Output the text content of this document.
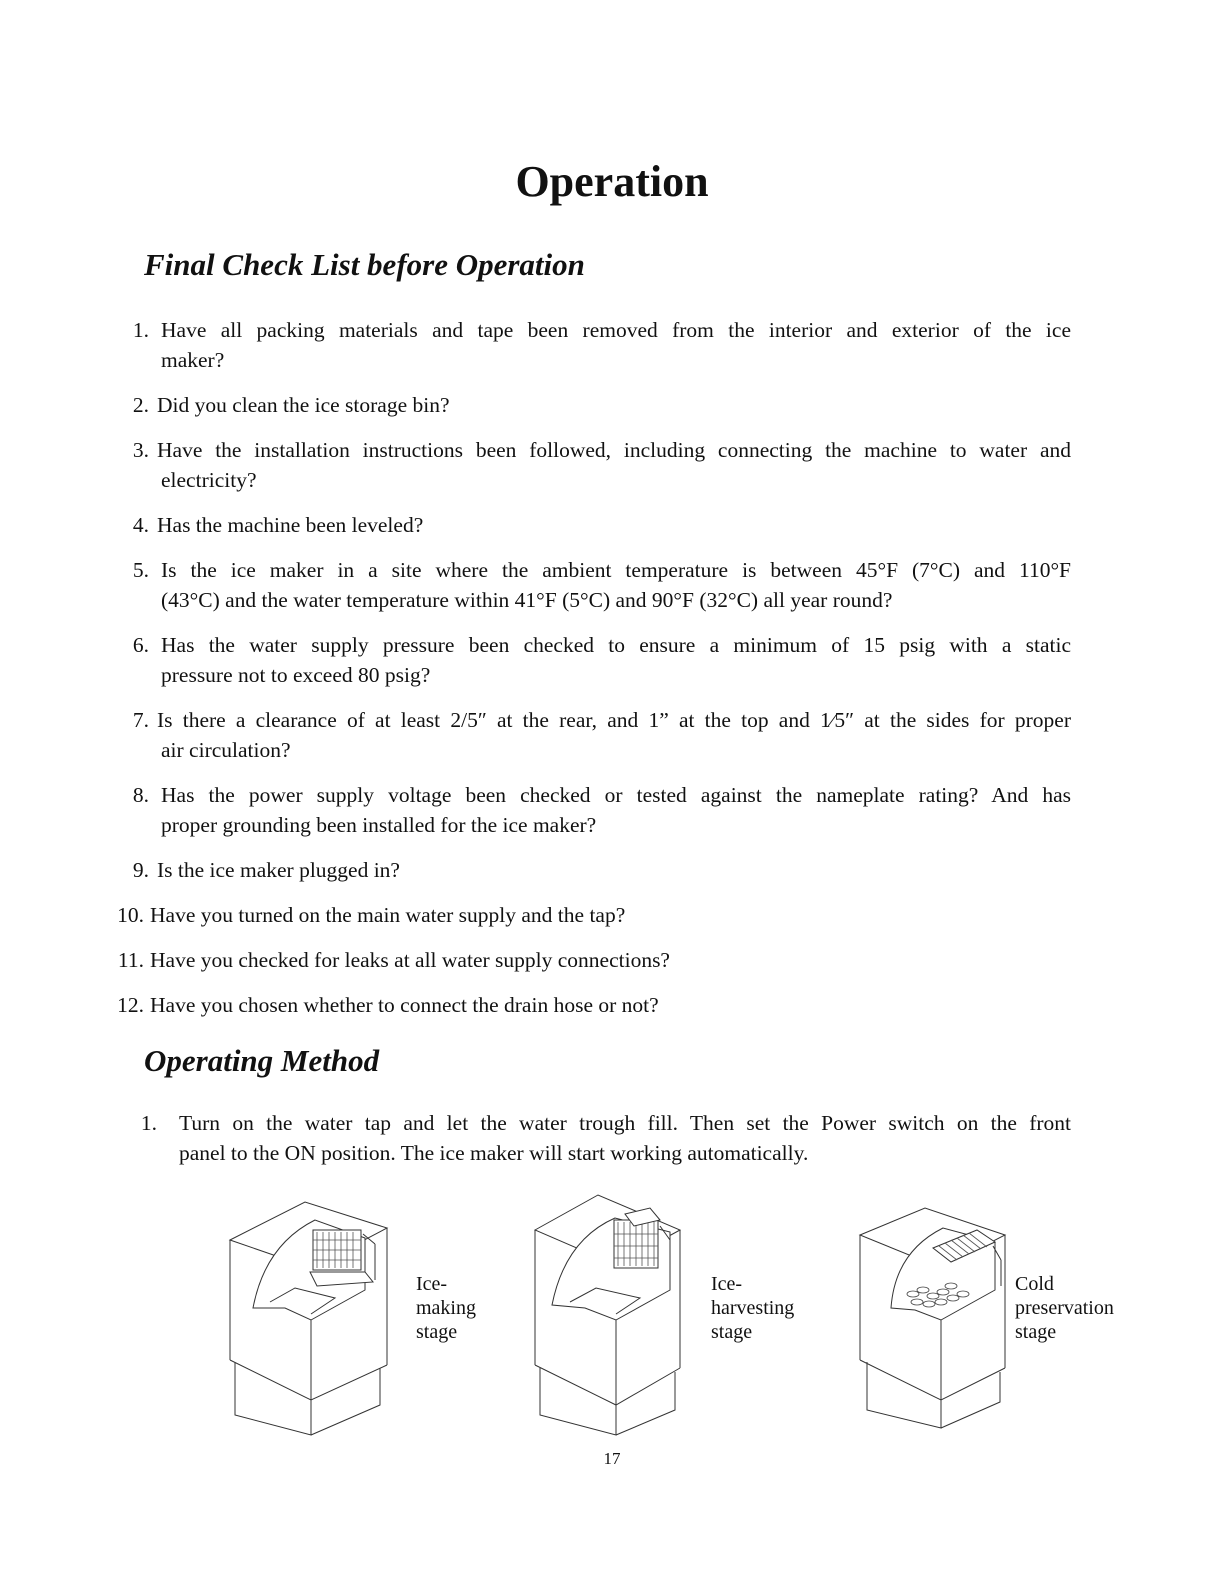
Operation
Final Check List before Operation
1. Have all packing materials and tape been removed from the interior and exterior of the ice
maker?
2. Did you clean the ice storage bin?
3. Have the installation instructions been followed, including connecting the machine to water and
electricity?
4. Has the machine been leveled?
5. Is the ice maker in a site where the ambient temperature is between 45°F (7°C) and 110°F
(43°C) and the water temperature within 41°F (5°C) and 90°F (32°C) all year round?
6. Has the water supply pressure been checked to ensure a minimum of 15 psig with a static
pressure not to exceed 80 psig?
7. Is there a clearance of at least 2/5″ at the rear, and 1” at the top and 1⁄5″ at the sides for proper
air circulation?
8. Has the power supply voltage been checked or tested against the nameplate rating? And has
proper grounding been installed for the ice maker?
9. Is the ice maker plugged in?
10. Have you turned on the main water supply and the tap?
11. Have you checked for leaks at all water supply connections?
12. Have you chosen whether to connect the drain hose or not?
Operating Method
1. Turn on the water tap and let the water trough fill. Then set the Power switch on the front
panel to the ON position. The ice maker will start working automatically.
Ice-
making
stage
Ice-
harvesting
stage
Cold
preservation
stage
17
